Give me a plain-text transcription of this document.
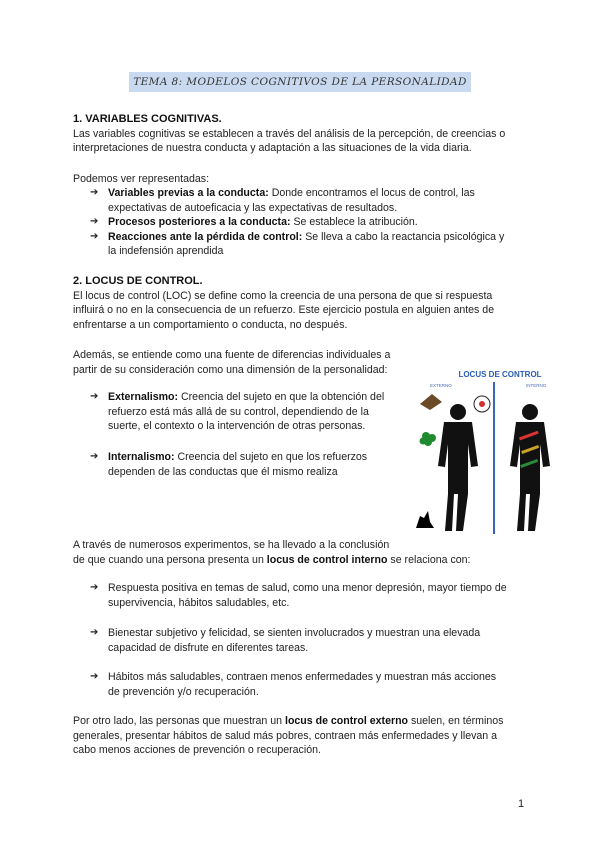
TEMA 8: MODELOS COGNITIVOS DE LA PERSONALIDAD

1. VARIABLES COGNITIVAS.

Las variables cognitivas se establecen a través del análisis de la percepción, de creencias o

interpretaciones de nuestra conducta y adaptación a las situaciones de la vida diaria.

Podemos ver representadas:

➔ Variables previas a la conducta: Donde encontramos el locus de control, las

expectativas de autoeficacia y las expectativas de resultados.

➔ Procesos posteriores a la conducta: Se establece la atribución.

➔ Reacciones ante la pérdida de control: Se lleva a cabo la reactancia psicológica y

la indefensión aprendida

2. LOCUS DE CONTROL.

El locus de control (LOC) se define como la creencia de una persona de que si respuesta

influirá o no en la consecuencia de un refuerzo. Este ejercicio postula en alguien antes de

enfrentarse a un comportamiento o conducta, no después.

Además, se entiende como una fuente de diferencias individuales a

partir de su consideración como una dimensión de la personalidad:

➔ Externalismo: Creencia del sujeto en que la obtención del

refuerzo está más allá de su control, dependiendo de la

suerte, el contexto o la intervención de otras personas.

➔ Internalismo: Creencia del sujeto en que los refuerzos

dependen de las conductas que él mismo realiza

LOCUS DE CONTROL
EXTERNO	INTERNO

A través de numerosos experimentos, se ha llevado a la conclusión

de que cuando una persona presenta un locus de control interno se relaciona con:

➔ Respuesta positiva en temas de salud, como una menor depresión, mayor tiempo de

supervivencia, hábitos saludables, etc.

➔ Bienestar subjetivo y felicidad, se sienten involucrados y muestran una elevada

capacidad de disfrute en diferentes tareas.

➔ Hábitos más saludables, contraen menos enfermedades y muestran más acciones

de prevención y/o recuperación.

Por otro lado, las personas que muestran un locus de control externo suelen, en términos

generales, presentar hábitos de salud más pobres, contraen más enfermedades y llevan a

cabo menos acciones de prevención o recuperación.

1
